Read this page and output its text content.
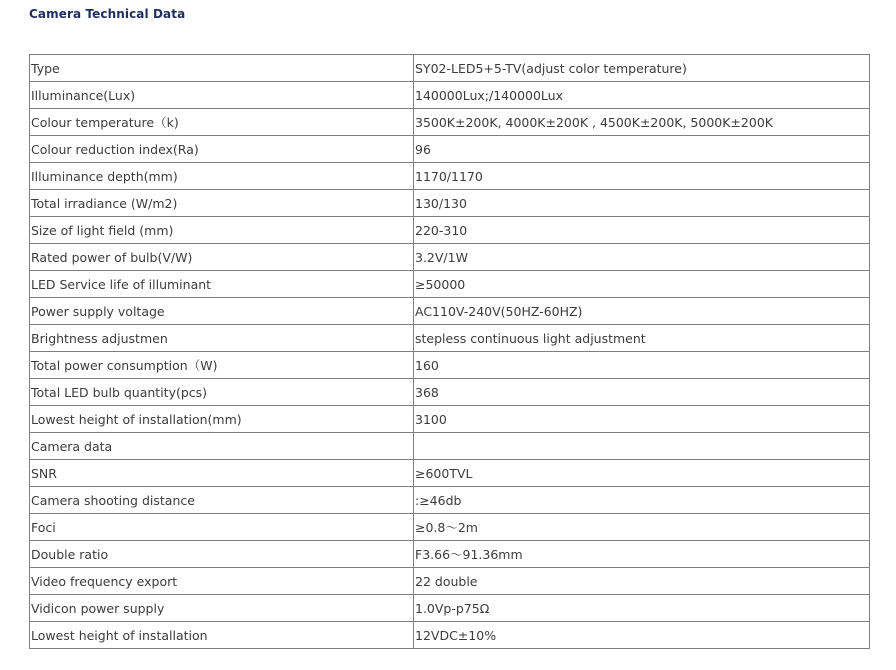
Camera Technical Data
Type	SY02-LED5+5-TV(adjust color temperature)
Illuminance(Lux)	140000Lux;/140000Lux
Colour temperature（k)	3500K±200K, 4000K±200K , 4500K±200K, 5000K±200K
Colour reduction index(Ra)	96
Illuminance depth(mm)	1170/1170
Total irradiance (W/m2)	130/130
Size of light field (mm)	220-310
Rated power of bulb(V/W)	3.2V/1W
LED Service life of illuminant	≥50000
Power supply voltage	AC110V-240V(50HZ-60HZ)
Brightness adjustmen	stepless continuous light adjustment
Total power consumption（W)	160
Total LED bulb quantity(pcs)	368
Lowest height of installation(mm)	3100
Camera data	
SNR	≥600TVL
Camera shooting distance	:≥46db
Foci	≥0.8～2m
Double ratio	F3.66～91.36mm
Video frequency export	22 double
Vidicon power supply	1.0Vp-p75Ω
Lowest height of installation	12VDC±10%
